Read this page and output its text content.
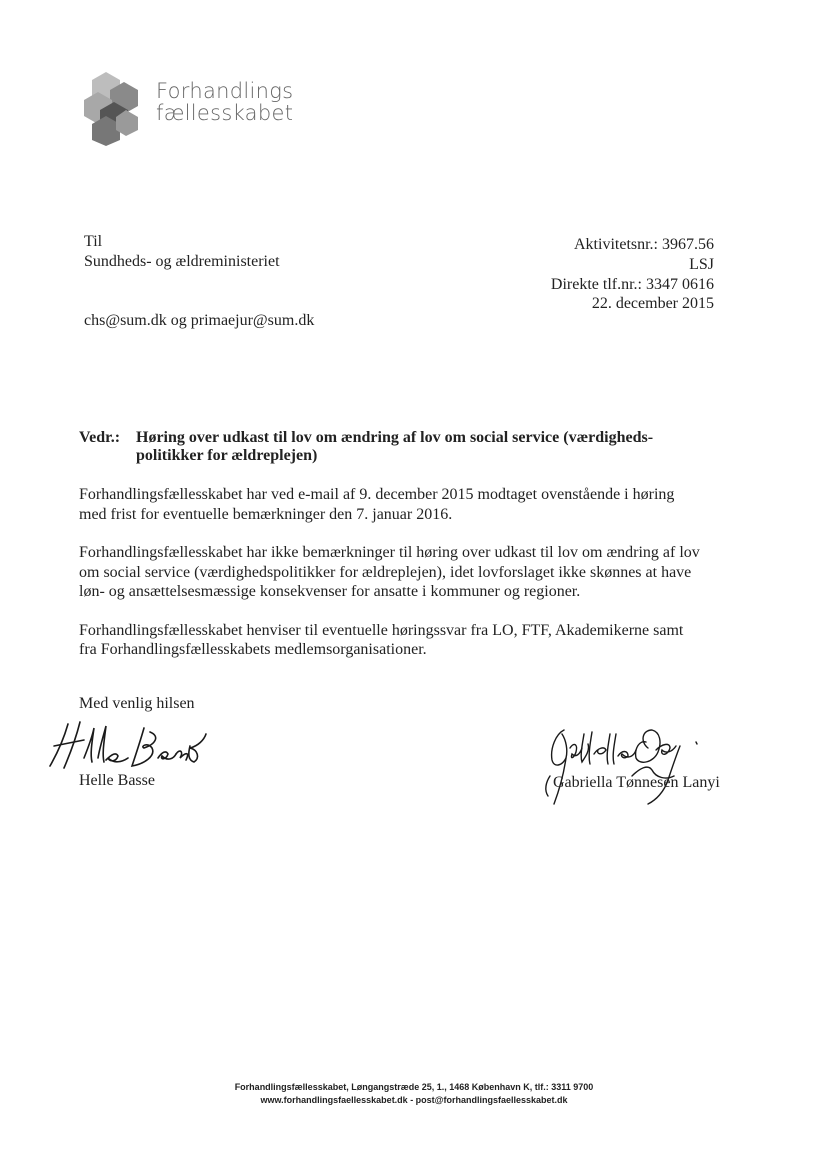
Forhandlings
fællesskabet
Til
Sundheds- og ældreministeriet
chs@sum.dk og primaejur@sum.dk
Aktivitetsnr.: 3967.56
LSJ
Direkte tlf.nr.: 3347 0616
22. december 2015
Vedr.: Høring over udkast til lov om ændring af lov om social service (værdigheds-
politikker for ældreplejen)
Forhandlingsfællesskabet har ved e-mail af 9. december 2015 modtaget ovenstående i høring
med frist for eventuelle bemærkninger den 7. januar 2016.
Forhandlingsfællesskabet har ikke bemærkninger til høring over udkast til lov om ændring af lov
om social service (værdighedspolitikker for ældreplejen), idet lovforslaget ikke skønnes at have
løn- og ansættelsesmæssige konsekvenser for ansatte i kommuner og regioner.
Forhandlingsfællesskabet henviser til eventuelle høringssvar fra LO, FTF, Akademikerne samt
fra Forhandlingsfællesskabets medlemsorganisationer.
Med venlig hilsen
Helle Basse	Gabriella Tønnesen Lanyi
Forhandlingsfællesskabet, Løngangstræde 25, 1., 1468 København K, tlf.: 3311 9700
www.forhandlingsfaellesskabet.dk - post@forhandlingsfaellesskabet.dk
